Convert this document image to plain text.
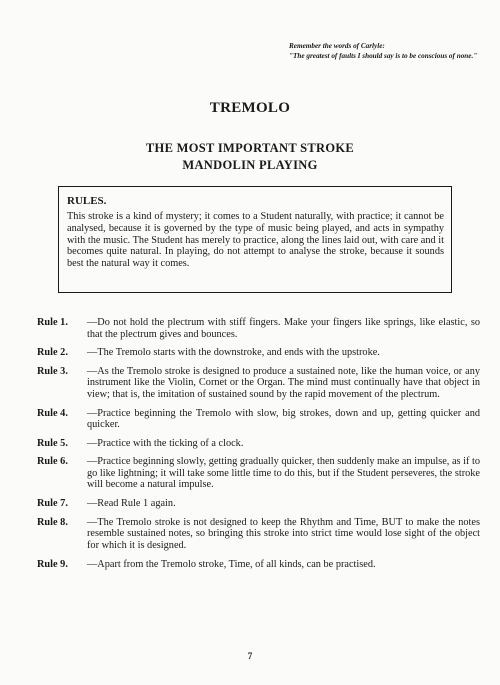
Remember the words of Carlyle:
"The greatest of faults I should say is to be conscious of none."
TREMOLO
THE MOST IMPORTANT STROKE
MANDOLIN PLAYING
RULES.

This stroke is a kind of mystery; it comes to a Student naturally, with practice; it cannot be analysed, because it is governed by the type of music being played, and acts in sympathy with the music. The Student has merely to practice, along the lines laid out, with care and it becomes quite natural. In playing, do not attempt to analyse the stroke, because it sounds best the natural way it comes.

Rule 1.	—Do not hold the plectrum with stiff fingers. Make your fingers like springs, like elastic, so that the plectrum gives and bounces.
Rule 2.	—The Tremolo starts with the downstroke, and ends with the upstroke.
Rule 3.	—As the Tremolo stroke is designed to produce a sustained note, like the human voice, or any instrument like the Violin, Cornet or the Organ. The mind must continually have that object in view; that is, the imitation of sustained sound by the rapid movement of the plectrum.
Rule 4.	—Practice beginning the Tremolo with slow, big strokes, down and up, getting quicker and quicker.
Rule 5.	—Practice with the ticking of a clock.
Rule 6.	—Practice beginning slowly, getting gradually quicker, then suddenly make an impulse, as if to go like lightning; it will take some little time to do this, but if the Student perseveres, the stroke will become a natural impulse.
Rule 7.	—Read Rule 1 again.
Rule 8.	—The Tremolo stroke is not designed to keep the Rhythm and Time, BUT to make the notes resemble sustained notes, so bringing this stroke into strict time would lose sight of the object for which it is designed.
Rule 9.	—Apart from the Tremolo stroke, Time, of all kinds, can be practised.
7
